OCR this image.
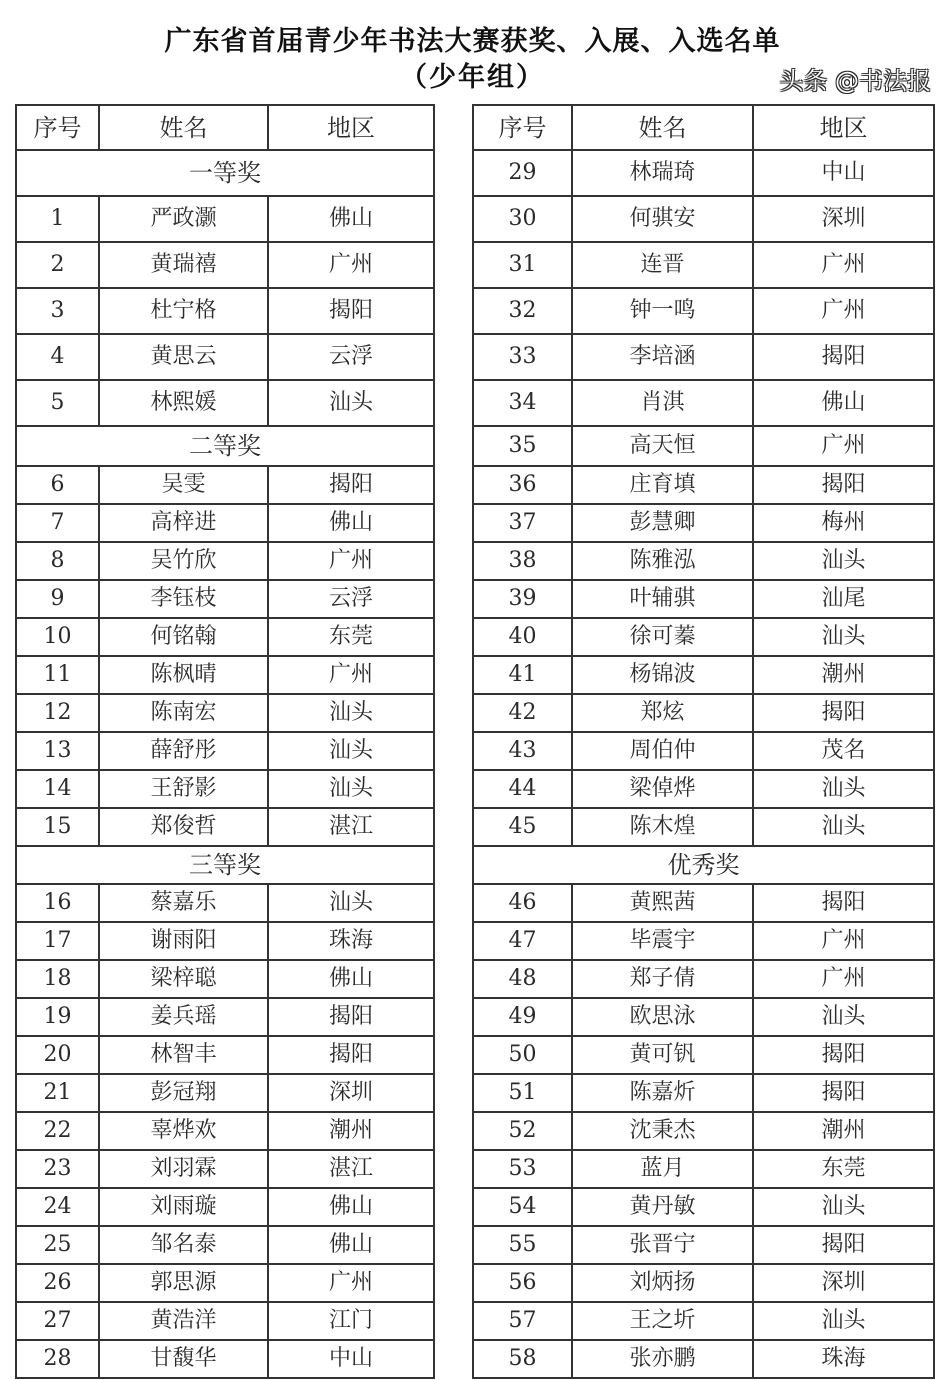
广东省首届青少年书法大赛获奖、入展、入选名单
（少年组）
序号	姓名	地区
一等奖		
1	严政灏	佛山
2	黄瑞禧	广州
3	杜宁格	揭阳
4	黄思云	云浮
5	林熙媛	汕头
二等奖		
6	吴雯	揭阳
7	高梓进	佛山
8	吴竹欣	广州
9	李钰枝	云浮
10	何铭翰	东莞
11	陈枫晴	广州
12	陈南宏	汕头
13	薛舒彤	汕头
14	王舒影	汕头
15	郑俊哲	湛江
三等奖		
16	蔡嘉乐	汕头
17	谢雨阳	珠海
18	梁梓聪	佛山
19	姜兵瑶	揭阳
20	林智丰	揭阳
21	彭冠翔	深圳
22	辜烨欢	潮州
23	刘羽霖	湛江
24	刘雨璇	佛山
25	邹名泰	佛山
26	郭思源	广州
27	黄浩洋	江门
28	甘馥华	中山
序号	姓名	地区
29	林瑞琦	中山
30	何骐安	深圳
31	连晋	广州
32	钟一鸣	广州
33	李培涵	揭阳
34	肖淇	佛山
35	高天恒	广州
36	庄育填	揭阳
37	彭慧卿	梅州
38	陈雅泓	汕头
39	叶辅骐	汕尾
40	徐可蓁	汕头
41	杨锦波	潮州
42	郑炫	揭阳
43	周伯仲	茂名
44	梁倬烨	汕头
45	陈木煌	汕头
优秀奖		
46	黄熙茜	揭阳
47	毕震宇	广州
48	郑子倩	广州
49	欧思泳	汕头
50	黄可钒	揭阳
51	陈嘉炘	揭阳
52	沈秉杰	潮州
53	蓝月	东莞
54	黄丹敏	汕头
55	张晋宁	揭阳
56	刘炳扬	深圳
57	王之圻	汕头
58	张亦鹏	珠海
头条 @书法报
